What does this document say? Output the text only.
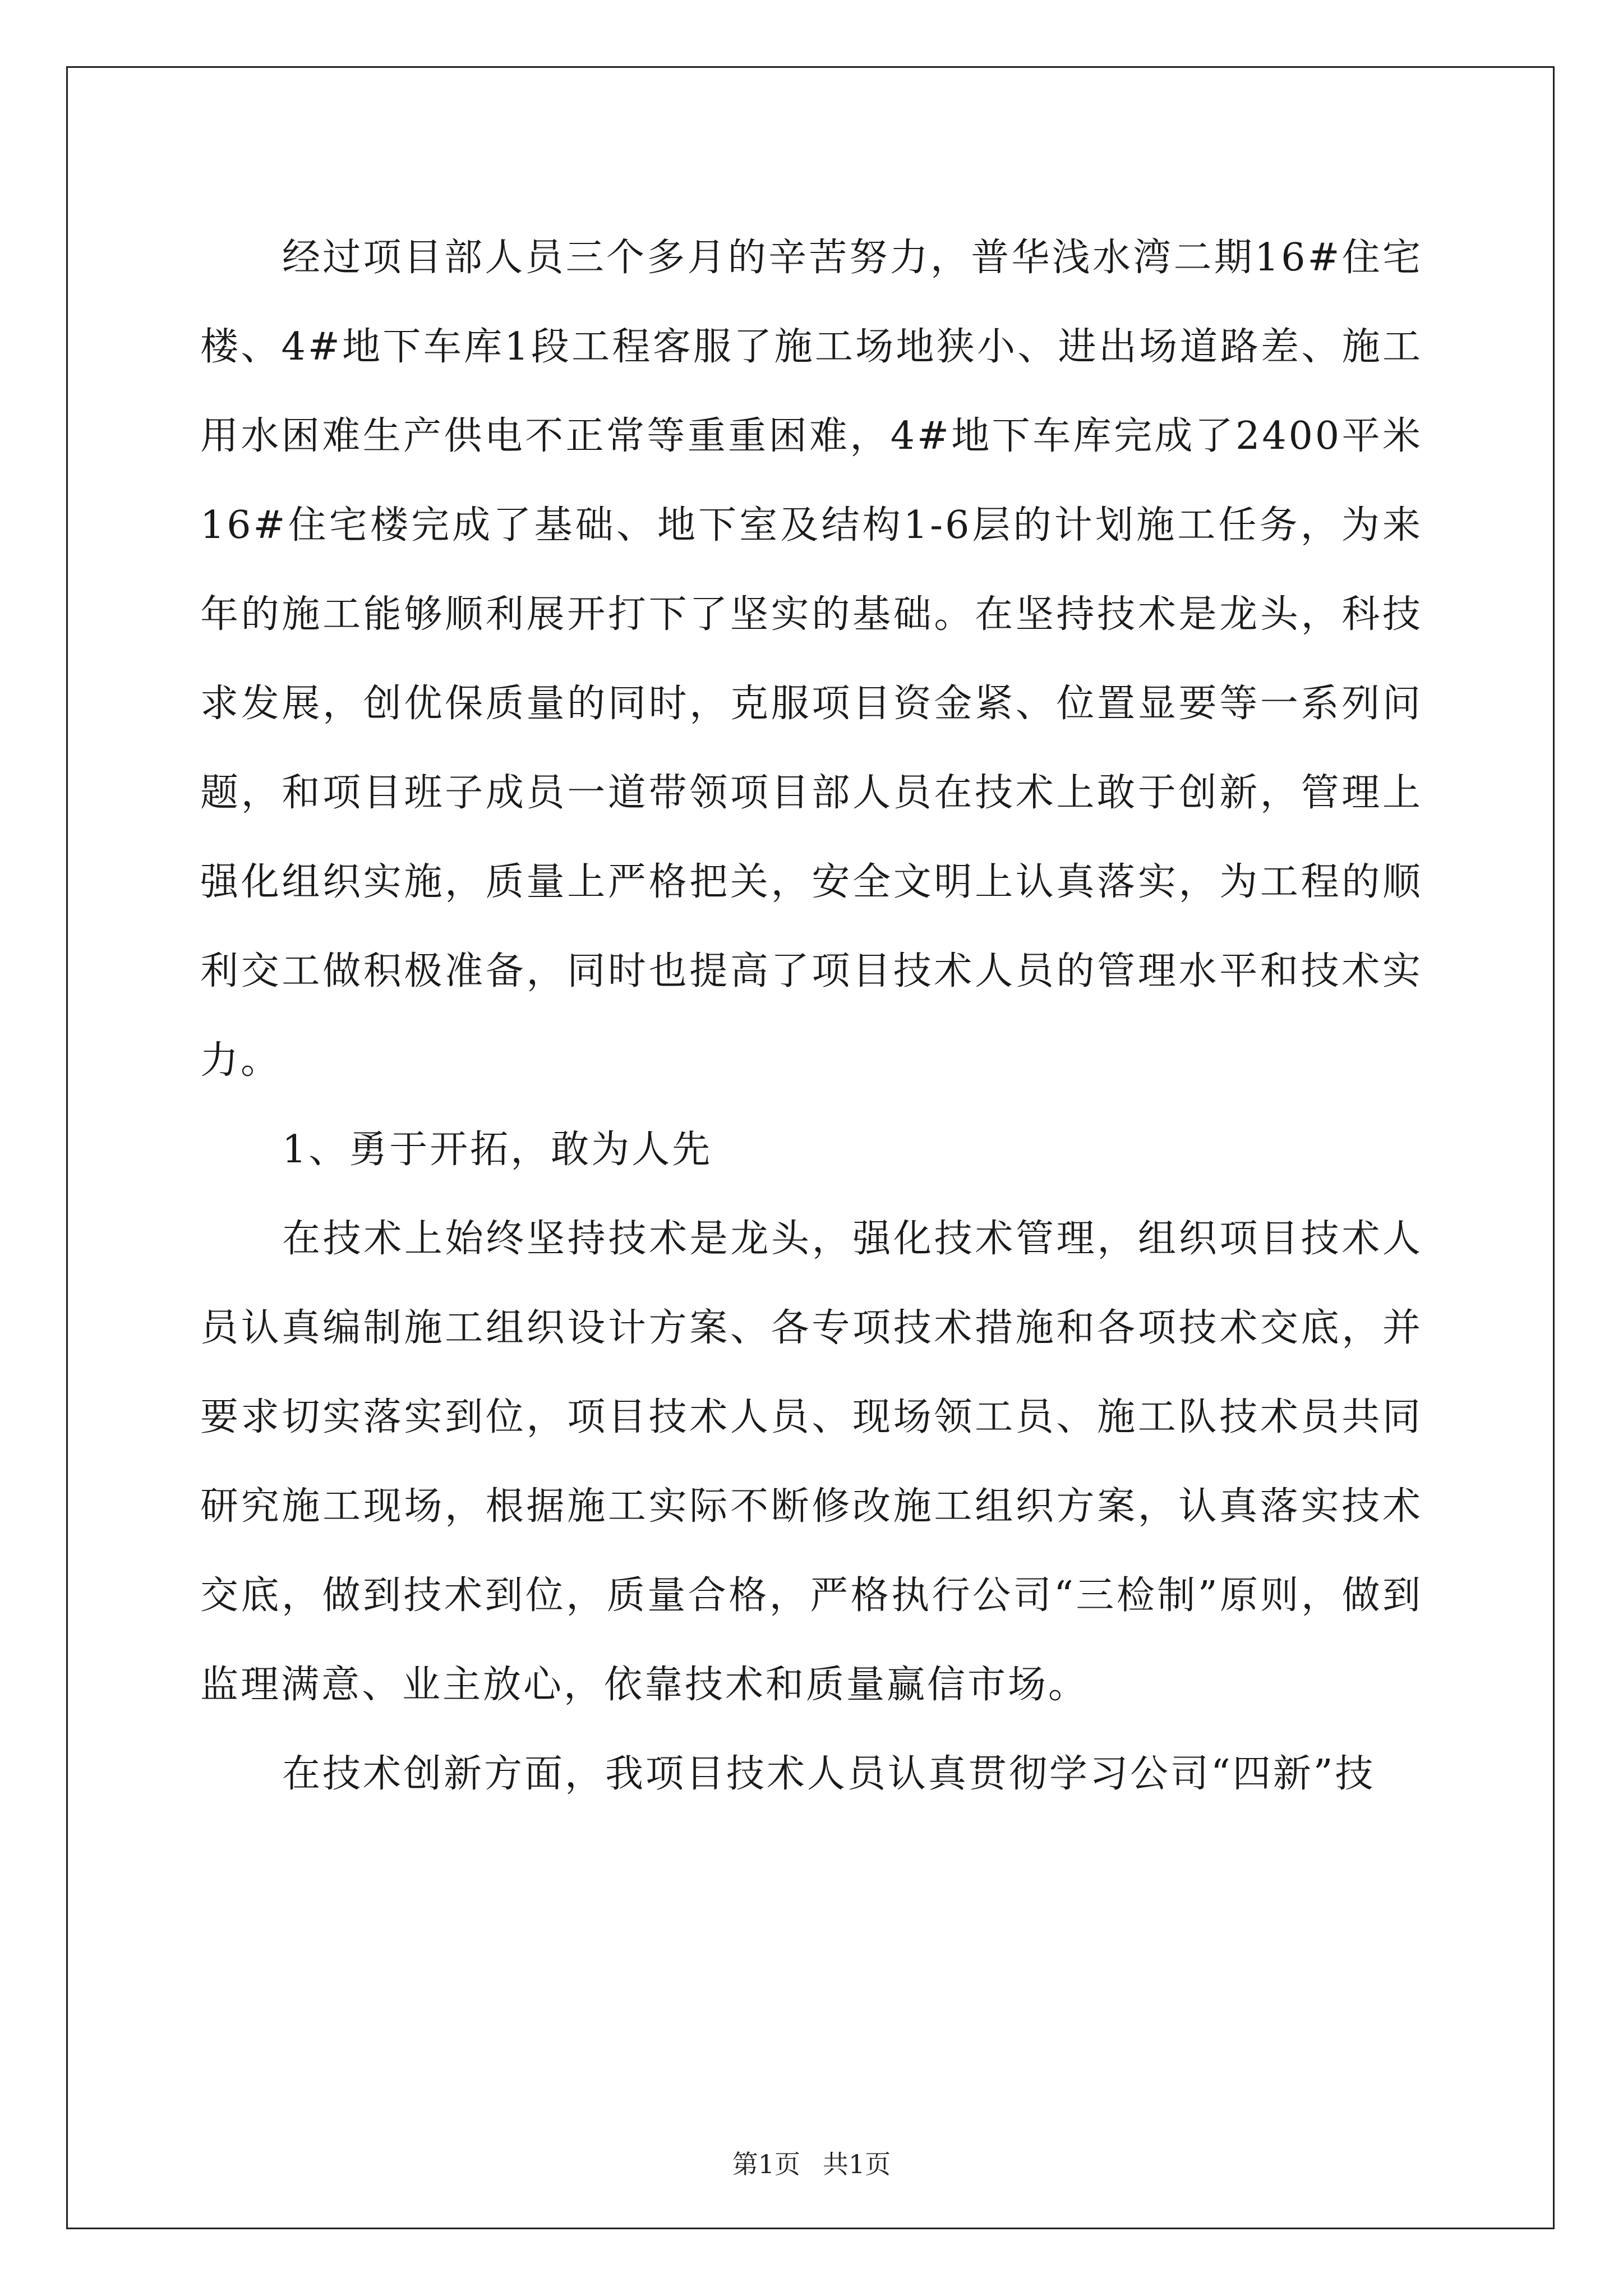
经过项目部人员三个多月的辛苦努力，普华浅水湾二期16#住宅楼、4#地下车库1段工程客服了施工场地狭小、进出场道路差、施工用水困难生产供电不正常等重重困难，4#地下车库完成了2400平米16#住宅楼完成了基础、地下室及结构1-6层的计划施工任务，为来年的施工能够顺利展开打下了坚实的基础。在坚持技术是龙头，科技求发展，创优保质量的同时，克服项目资金紧、位置显要等一系列问题，和项目班子成员一道带领项目部人员在技术上敢于创新，管理上强化组织实施，质量上严格把关，安全文明上认真落实，为工程的顺利交工做积极准备，同时也提高了项目技术人员的管理水平和技术实力。

1、勇于开拓，敢为人先

在技术上始终坚持技术是龙头，强化技术管理，组织项目技术人员认真编制施工组织设计方案、各专项技术措施和各项技术交底，并要求切实落实到位，项目技术人员、现场领工员、施工队技术员共同研究施工现场，根据施工实际不断修改施工组织方案，认真落实技术交底，做到技术到位，质量合格，严格执行公司“三检制”原则，做到监理满意、业主放心，依靠技术和质量赢信市场。

在技术创新方面，我项目技术人员认真贯彻学习公司“四新”技

第1页 共1页
